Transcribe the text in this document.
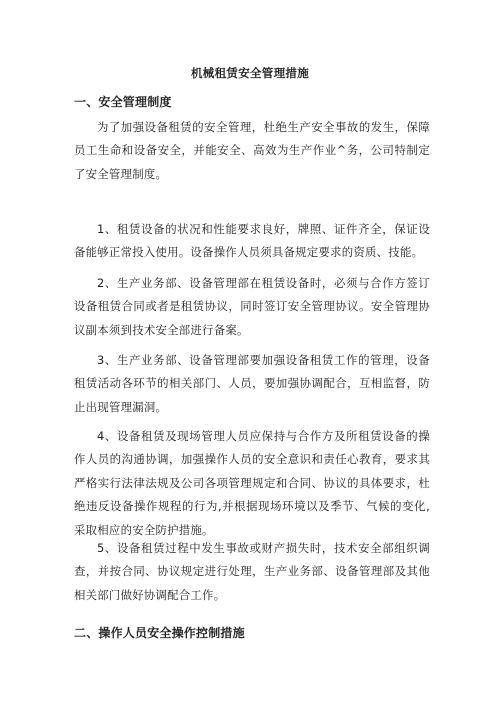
机械租赁安全管理措施
一、安全管理制度

为了加强设备租赁的安全管理，杜绝生产安全事故的发生，保障员工生命和设备安全，并能安全、高效为生产作业^务，公司特制定了安全管理制度。

1、租赁设备的状况和性能要求良好，牌照、证件齐全，保证设备能够正常投入使用。设备操作人员须具备规定要求的资质、技能。

2、生产业务部、设备管理部在租赁设备时，必须与合作方签订设备租赁合同或者是租赁协议，同时签订安全管理协议。安全管理协议副本须到技术安全部进行备案。

3、生产业务部、设备管理部要加强设备租赁工作的管理，设备租赁活动各环节的相关部门、人员，要加强协调配合，互相监督，防止出现管理漏洞。

4、设备租赁及现场管理人员应保持与合作方及所租赁设备的操作人员的沟通协调，加强操作人员的安全意识和责任心教育，要求其严格实行法律法规及公司各项管理规定和合同、协议的具体要求，杜绝违反设备操作规程的行为,并根据现场环境以及季节、气候的变化,采取相应的安全防护措施。

5、设备租赁过程中发生事故或财产损失时，技术安全部组织调查，并按合同、协议规定进行处理，生产业务部、设备管理部及其他相关部门做好协调配合工作。

二、操作人员安全操作控制措施
